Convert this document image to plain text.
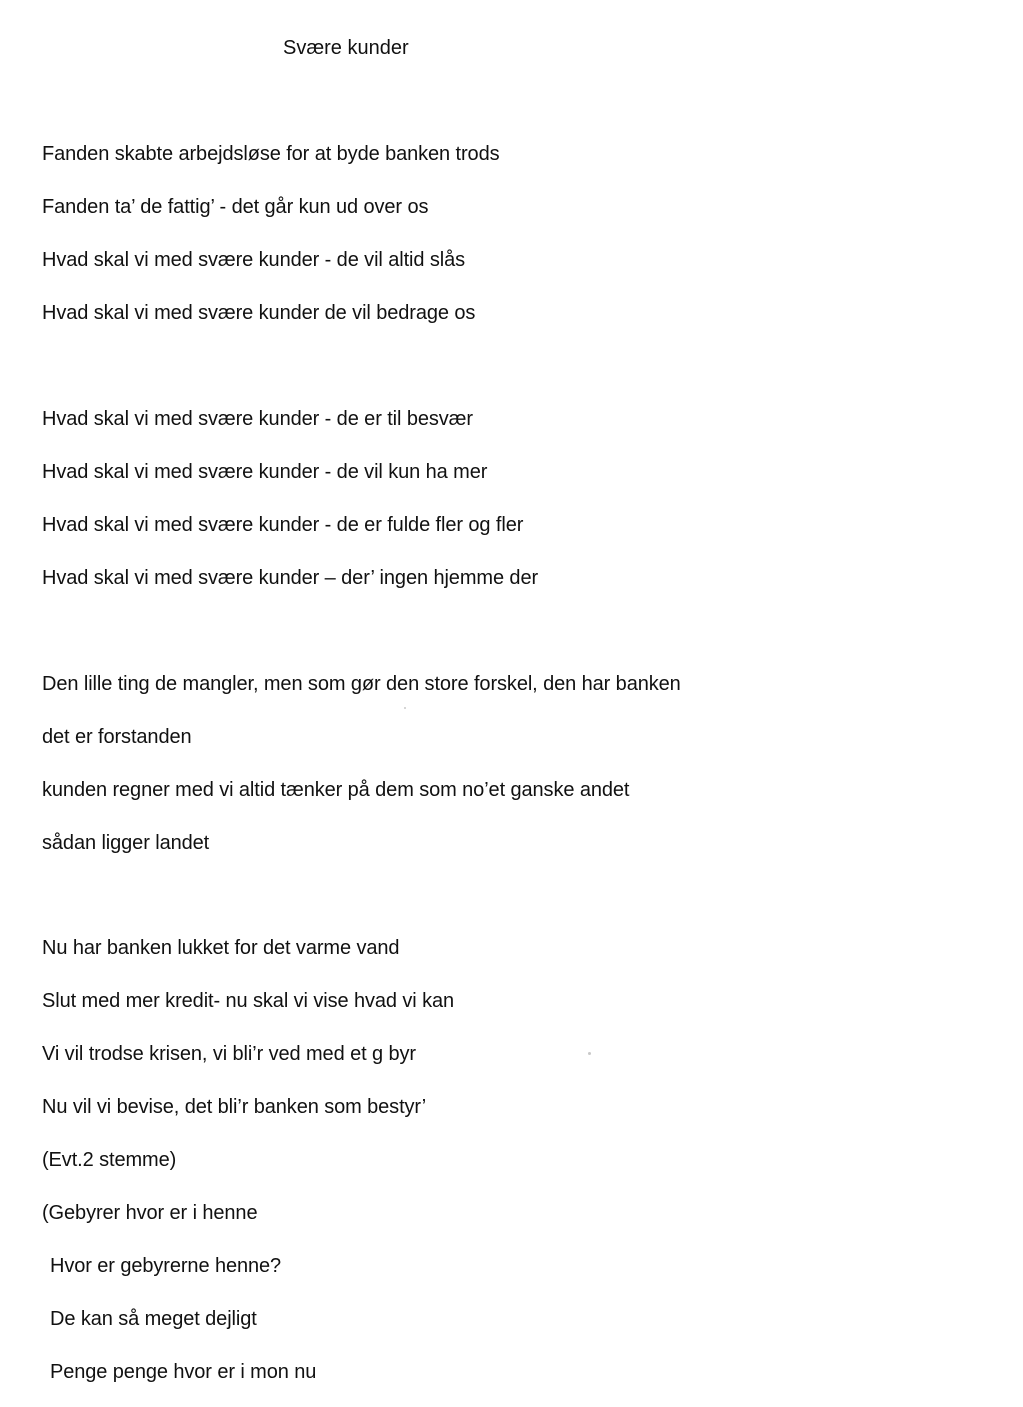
Svære kunder
Fanden skabte arbejdsløse for at byde banken trods
Fanden ta’ de fattig’ - det går kun ud over os
Hvad skal vi med svære kunder - de vil altid slås
Hvad skal vi med svære kunder de vil bedrage os
Hvad skal vi med svære kunder - de er til besvær
Hvad skal vi med svære kunder - de vil kun ha mer
Hvad skal vi med svære kunder - de er fulde fler og fler
Hvad skal vi med svære kunder – der’ ingen hjemme der
Den lille ting de mangler, men som gør den store forskel, den har banken
det er forstanden
kunden regner med vi altid tænker på dem som no’et ganske andet
sådan ligger landet
Nu har banken lukket for det varme vand
Slut med mer kredit- nu skal vi vise hvad vi kan
Vi vil trodse krisen, vi bli’r ved med et g byr
Nu vil vi bevise, det bli’r banken som bestyr’
(Evt.2 stemme)
(Gebyrer hvor er i henne
Hvor er gebyrerne henne?
De kan så meget dejligt
Penge penge hvor er i mon nu
